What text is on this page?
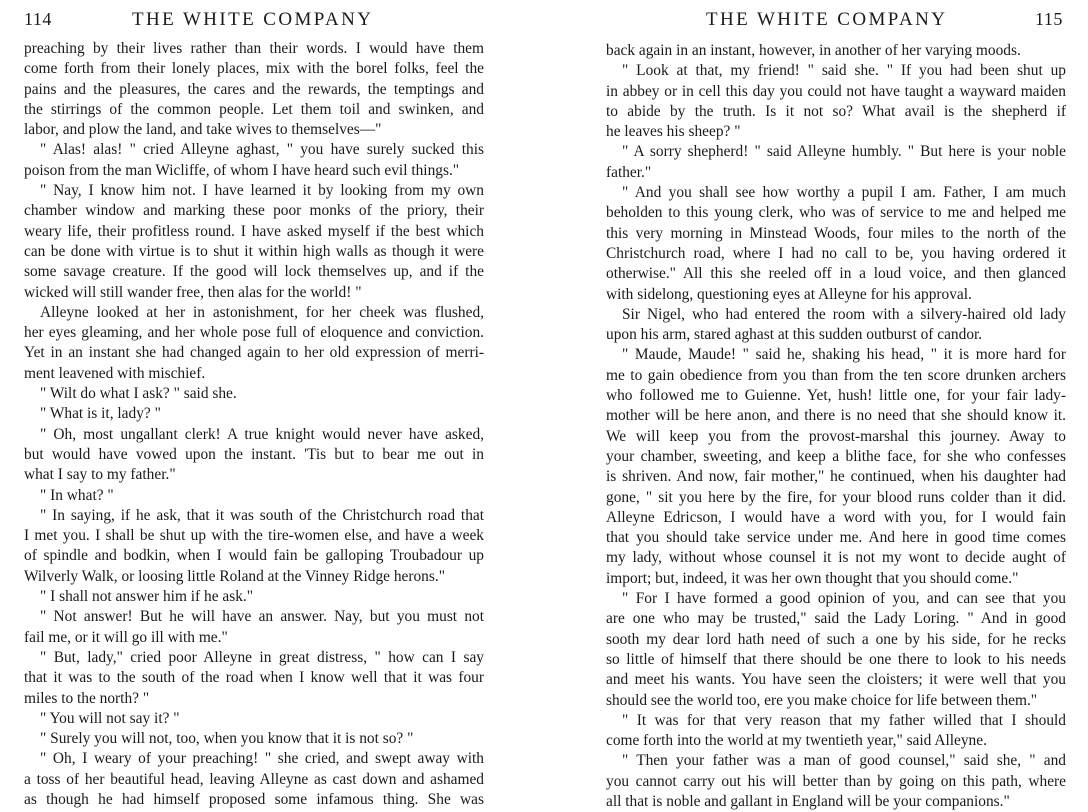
114	THE WHITE COMPANY
preaching by their lives rather than their words. I would have them
come forth from their lonely places, mix with the borel folks, feel the
pains and the pleasures, the cares and the rewards, the temptings and
the stirrings of the common people. Let them toil and swinken, and
labor, and plow the land, and take wives to themselves—"
" Alas! alas! " cried Alleyne aghast, " you have surely sucked this
poison from the man Wicliffe, of whom I have heard such evil things."
" Nay, I know him not. I have learned it by looking from my own
chamber window and marking these poor monks of the priory, their
weary life, their profitless round. I have asked myself if the best which
can be done with virtue is to shut it within high walls as though it were
some savage creature. If the good will lock themselves up, and if the
wicked will still wander free, then alas for the world! "
Alleyne looked at her in astonishment, for her cheek was flushed,
her eyes gleaming, and her whole pose full of eloquence and conviction.
Yet in an instant she had changed again to her old expression of merri-
ment leavened with mischief.
" Wilt do what I ask? " said she.
" What is it, lady? "
" Oh, most ungallant clerk! A true knight would never have asked,
but would have vowed upon the instant. 'Tis but to bear me out in
what I say to my father."
" In what? "
" In saying, if he ask, that it was south of the Christchurch road that
I met you. I shall be shut up with the tire-women else, and have a week
of spindle and bodkin, when I would fain be galloping Troubadour up
Wilverly Walk, or loosing little Roland at the Vinney Ridge herons."
" I shall not answer him if he ask."
" Not answer! But he will have an answer. Nay, but you must not
fail me, or it will go ill with me."
" But, lady," cried poor Alleyne in great distress, " how can I say
that it was to the south of the road when I know well that it was four
miles to the north? "
" You will not say it? "
" Surely you will not, too, when you know that it is not so? "
" Oh, I weary of your preaching! " she cried, and swept away with
a toss of her beautiful head, leaving Alleyne as cast down and ashamed
as though he had himself proposed some infamous thing. She was
THE WHITE COMPANY	115
back again in an instant, however, in another of her varying moods.
" Look at that, my friend! " said she. " If you had been shut up
in abbey or in cell this day you could not have taught a wayward maiden
to abide by the truth. Is it not so? What avail is the shepherd if
he leaves his sheep? "
" A sorry shepherd! " said Alleyne humbly. " But here is your noble
father."
" And you shall see how worthy a pupil I am. Father, I am much
beholden to this young clerk, who was of service to me and helped me
this very morning in Minstead Woods, four miles to the north of the
Christchurch road, where I had no call to be, you having ordered it
otherwise." All this she reeled off in a loud voice, and then glanced
with sidelong, questioning eyes at Alleyne for his approval.
Sir Nigel, who had entered the room with a silvery-haired old lady
upon his arm, stared aghast at this sudden outburst of candor.
" Maude, Maude! " said he, shaking his head, " it is more hard for
me to gain obedience from you than from the ten score drunken archers
who followed me to Guienne. Yet, hush! little one, for your fair lady-
mother will be here anon, and there is no need that she should know it.
We will keep you from the provost-marshal this journey. Away to
your chamber, sweeting, and keep a blithe face, for she who confesses
is shriven. And now, fair mother," he continued, when his daughter had
gone, " sit you here by the fire, for your blood runs colder than it did.
Alleyne Edricson, I would have a word with you, for I would fain
that you should take service under me. And here in good time comes
my lady, without whose counsel it is not my wont to decide aught of
import; but, indeed, it was her own thought that you should come."
" For I have formed a good opinion of you, and can see that you
are one who may be trusted," said the Lady Loring. " And in good
sooth my dear lord hath need of such a one by his side, for he recks
so little of himself that there should be one there to look to his needs
and meet his wants. You have seen the cloisters; it were well that you
should see the world too, ere you make choice for life between them."
" It was for that very reason that my father willed that I should
come forth into the world at my twentieth year," said Alleyne.
" Then your father was a man of good counsel," said she, " and
you cannot carry out his will better than by going on this path, where
all that is noble and gallant in England will be your companions."
